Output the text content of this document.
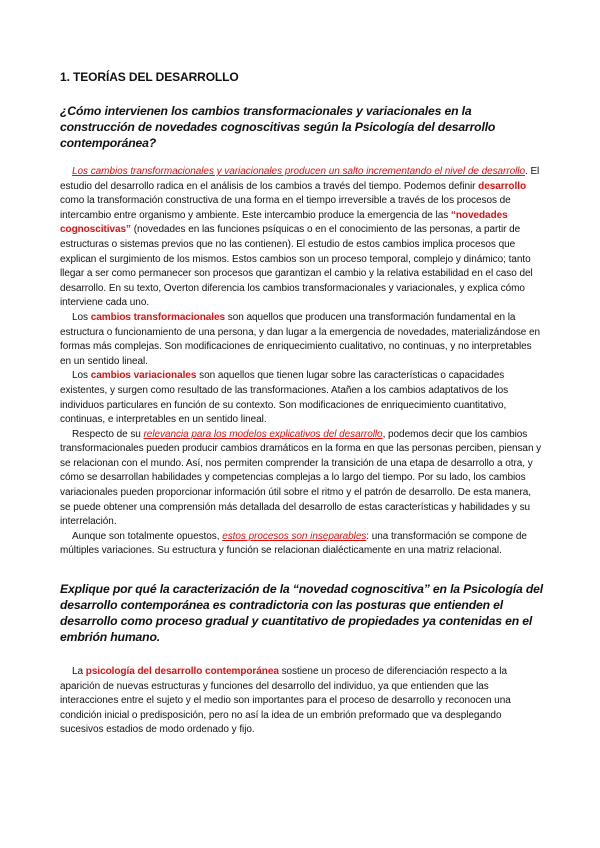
1. TEORÍAS DEL DESARROLLO
¿Cómo intervienen los cambios transformacionales y variacionales en la construcción de novedades cognoscitivas según la Psicología del desarrollo contemporánea?

Los cambios transformacionales y variacionales producen un salto incrementando el nivel de desarrollo. El estudio del desarrollo radica en el análisis de los cambios a través del tiempo. Podemos definir desarrollo como la transformación constructiva de una forma en el tiempo irreversible a través de los procesos de intercambio entre organismo y ambiente. Este intercambio produce la emergencia de las “novedades cognoscitivas” (novedades en las funciones psíquicas o en el conocimiento de las personas, a partir de estructuras o sistemas previos que no las contienen). El estudio de estos cambios implica procesos que explican el surgimiento de los mismos. Estos cambios son un proceso temporal, complejo y dinámico; tanto llegar a ser como permanecer son procesos que garantizan el cambio y la relativa estabilidad en el caso del desarrollo. En su texto, Overton diferencia los cambios transformacionales y variacionales, y explica cómo interviene cada uno.

Los cambios transformacionales son aquellos que producen una transformación fundamental en la estructura o funcionamiento de una persona, y dan lugar a la emergencia de novedades, materializándose en formas más complejas. Son modificaciones de enriquecimiento cualitativo, no continuas, y no interpretables en un sentido lineal.

Los cambios variacionales son aquellos que tienen lugar sobre las características o capacidades existentes, y surgen como resultado de las transformaciones. Atañen a los cambios adaptativos de los individuos particulares en función de su contexto. Son modificaciones de enriquecimiento cuantitativo, continuas, e interpretables en un sentido lineal.

Respecto de su relevancia para los modelos explicativos del desarrollo, podemos decir que los cambios transformacionales pueden producir cambios dramáticos en la forma en que las personas perciben, piensan y se relacionan con el mundo. Así, nos permiten comprender la transición de una etapa de desarrollo a otra, y cómo se desarrollan habilidades y competencias complejas a lo largo del tiempo. Por su lado, los cambios variacionales pueden proporcionar información útil sobre el ritmo y el patrón de desarrollo. De esta manera, se puede obtener una comprensión más detallada del desarrollo de estas características y habilidades y su interrelación.

Aunque son totalmente opuestos, estos procesos son inseparables: una transformación se compone de múltiples variaciones. Su estructura y función se relacionan dialécticamente en una matriz relacional.

Explique por qué la caracterización de la “novedad cognoscitiva” en la Psicología del desarrollo contemporánea es contradictoria con las posturas que entienden el desarrollo como proceso gradual y cuantitativo de propiedades ya contenidas en el embrión humano.

La psicología del desarrollo contemporánea sostiene un proceso de diferenciación respecto a la aparición de nuevas estructuras y funciones del desarrollo del individuo, ya que entienden que las interacciones entre el sujeto y el medio son importantes para el proceso de desarrollo y reconocen una condición inicial o predisposición, pero no así la idea de un embrión preformado que va desplegando sucesivos estadios de modo ordenado y fijo.
